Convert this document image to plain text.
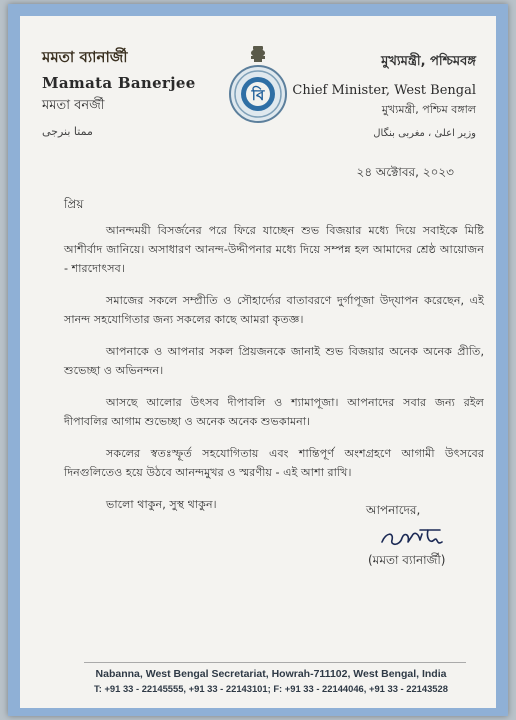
মমতা ব্যানার্জী
Mamata Banerjee
মমতা বনর্জী
ممتا بنرجی
বি
মুখ্যমন্ত্রী, পশ্চিমবঙ্গ
Chief Minister, West Bengal
মুখ্যমন্ত্রী, পশ্চিম বঙ্গাল
وزیر اعلیٰ ، مغربی بنگال
২৪ অক্টোবর, ২০২৩
প্রিয়

আনন্দময়ী বিসর্জনের পরে ফিরে যাচ্ছেন শুভ বিজয়ার মধ্যে দিয়ে সবাইকে মিষ্টি আশীর্বাদ জানিয়ে। অসাধারণ আনন্দ-উদ্দীপনার মধ্যে দিয়ে সম্পন্ন হল আমাদের শ্রেষ্ঠ আয়োজন - শারদোৎসব।

সমাজের সকলে সম্প্রীতি ও সৌহার্দ্যের বাতাবরণে দুর্গাপূজা উদ্‌যাপন করেছেন, এই সানন্দ সহযোগিতার জন্য সকলের কাছে আমরা কৃতজ্ঞ।

আপনাকে ও আপনার সকল প্রিয়জনকে জানাই শুভ বিজয়ার অনেক অনেক প্রীতি, শুভেচ্ছা ও অভিনন্দন।

আসছে আলোর উৎসব দীপাবলি ও শ্যামাপূজা। আপনাদের সবার জন্য রইল দীপাবলির আগাম শুভেচ্ছা ও অনেক অনেক শুভকামনা।

সকলের স্বতঃস্ফূর্ত সহযোগিতায় এবং শান্তিপূর্ণ অংশগ্রহণে আগামী উৎসবের দিনগুলিতেও হয়ে উঠবে আনন্দমুখর ও স্মরণীয় - এই আশা রাখি।

ভালো থাকুন, সুস্থ থাকুন।	আপনাদের,
(মমতা ব্যানার্জী)
Nabanna, West Bengal Secretariat, Howrah-711102, West Bengal, India
T: +91 33 - 22145555, +91 33 - 22143101; F: +91 33 - 22144046, +91 33 - 22143528
